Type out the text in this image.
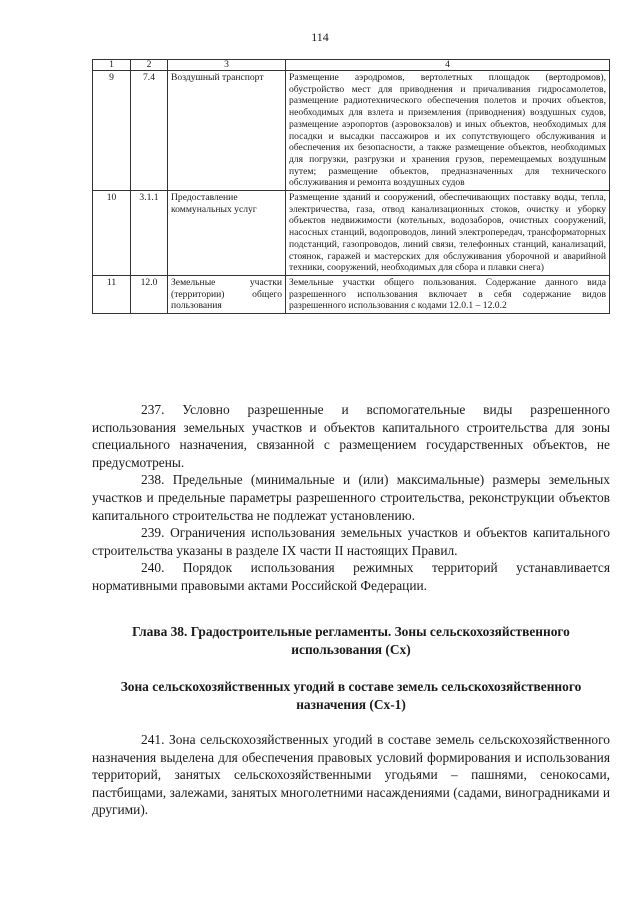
114
1	2	3	4
9	7.4	Воздушный транспорт	Размещение аэродромов, вертолетных площадок (вертодромов), обустройство мест для приводнения и причаливания гидросамолетов, размещение радиотехнического обеспечения полетов и прочих объектов, необходимых для взлета и приземления (приводнения) воздушных судов, размещение аэропортов (аэровокзалов) и иных объектов, необходимых для посадки и высадки пассажиров и их сопутствующего обслуживания и обеспечения их безопасности, а также размещение объектов, необходимых для погрузки, разгрузки и хранения грузов, перемещаемых воздушным путем; размещение объектов, предназначенных для технического обслуживания и ремонта воздушных судов
10	3.1.1	Предоставление коммунальных услуг	Размещение зданий и сооружений, обеспечивающих поставку воды, тепла, электричества, газа, отвод канализационных стоков, очистку и уборку объектов недвижимости (котельных, водозаборов, очистных сооружений, насосных станций, водопроводов, линий электропередач, трансформаторных подстанций, газопроводов, линий связи, телефонных станций, канализаций, стоянок, гаражей и мастерских для обслуживания уборочной и аварийной техники, сооружений, необходимых для сбора и плавки снега)
11	12.0	Земельные участки (территории) общего пользования	Земельные участки общего пользования. Содержание данного вида разрешенного использования включает в себя содержание видов разрешенного использования с кодами 12.0.1 – 12.0.2

237. Условно разрешенные и вспомогательные виды разрешенного использования земельных участков и объектов капитального строительства для зоны специального назначения, связанной с размещением государственных объектов, не предусмотрены.

238. Предельные (минимальные и (или) максимальные) размеры земельных участков и предельные параметры разрешенного строительства, реконструкции объектов капитального строительства не подлежат установлению.

239. Ограничения использования земельных участков и объектов капитального строительства указаны в разделе IX части II настоящих Правил.

240. Порядок использования режимных территорий устанавливается нормативными правовыми актами Российской Федерации.

Глава 38. Градостроительные регламенты. Зоны сельскохозяйственного использования (Сх)
Зона сельскохозяйственных угодий в составе земель сельскохозяйственного назначения (Сх-1)

241. Зона сельскохозяйственных угодий в составе земель сельскохозяйственного назначения выделена для обеспечения правовых условий формирования и использования территорий, занятых сельскохозяйственными угодьями – пашнями, сенокосами, пастбищами, залежами, занятых многолетними насаждениями (садами, виноградниками и другими).
